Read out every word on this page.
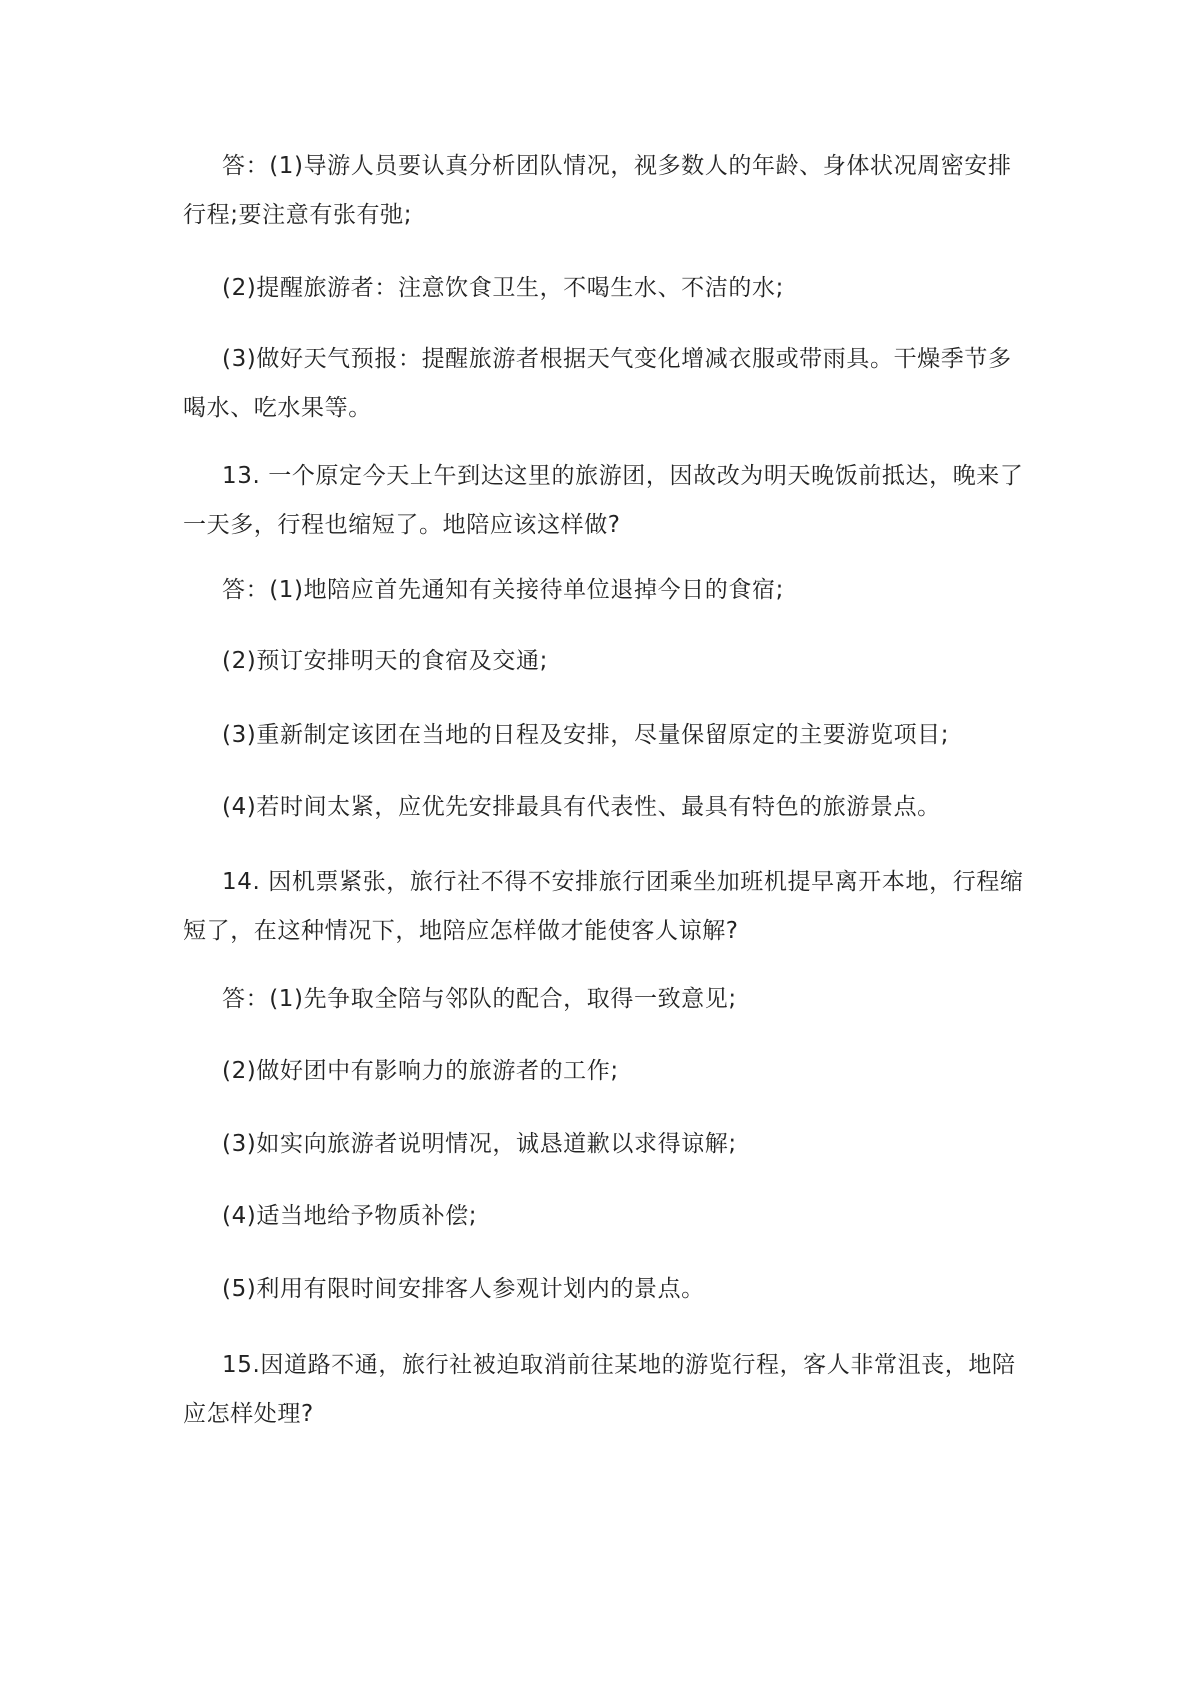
答：(1)导游人员要认真分析团队情况，视多数人的年龄、身体状况周密安排行程;要注意有张有弛;

(2)提醒旅游者：注意饮食卫生，不喝生水、不洁的水;

(3)做好天气预报：提醒旅游者根据天气变化增减衣服或带雨具。干燥季节多喝水、吃水果等。

13. 一个原定今天上午到达这里的旅游团，因故改为明天晚饭前抵达，晚来了一天多，行程也缩短了。地陪应该这样做?

答：(1)地陪应首先通知有关接待单位退掉今日的食宿;

(2)预订安排明天的食宿及交通;

(3)重新制定该团在当地的日程及安排，尽量保留原定的主要游览项目;

(4)若时间太紧，应优先安排最具有代表性、最具有特色的旅游景点。

14. 因机票紧张，旅行社不得不安排旅行团乘坐加班机提早离开本地，行程缩短了，在这种情况下，地陪应怎样做才能使客人谅解?

答：(1)先争取全陪与邻队的配合，取得一致意见;

(2)做好团中有影响力的旅游者的工作;

(3)如实向旅游者说明情况，诚恳道歉以求得谅解;

(4)适当地给予物质补偿;

(5)利用有限时间安排客人参观计划内的景点。

15.因道路不通，旅行社被迫取消前往某地的游览行程，客人非常沮丧，地陪应怎样处理?
